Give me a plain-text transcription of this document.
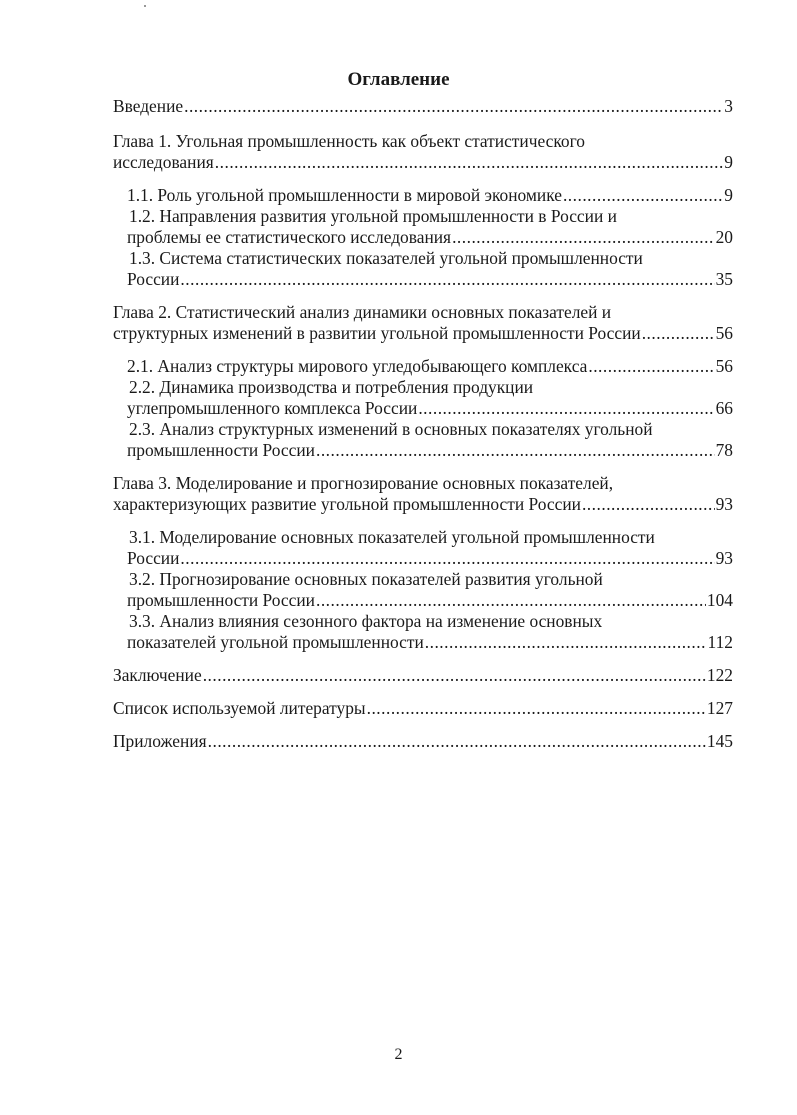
Оглавление
Введение .....	3
Глава 1. Угольная промышленность как объект статистического
исследования .....	9
1.1. Роль угольной промышленности в мировой экономике .....	9
1.2. Направления развития угольной промышленности в России и
проблемы ее статистического исследования .....	20
1.3. Система статистических показателей угольной промышленности
России .....	35
Глава 2. Статистический анализ динамики основных показателей и
структурных изменений в развитии угольной промышленности России .....	56
2.1. Анализ структуры мирового угледобывающего комплекса .....	56
2.2. Динамика производства и потребления продукции
углепромышленного комплекса России .....	66
2.3. Анализ структурных изменений в основных показателях угольной
промышленности России .....	78
Глава 3. Моделирование и прогнозирование основных показателей,
характеризующих развитие угольной промышленности России .....	93
3.1. Моделирование основных показателей угольной промышленности
России .....	93
3.2. Прогнозирование основных показателей развития угольной
промышленности России .....	104
3.3. Анализ влияния сезонного фактора на изменение основных
показателей угольной промышленности .....	112
Заключение .....	122
Список используемой литературы .....	127
Приложения .....	145
2
